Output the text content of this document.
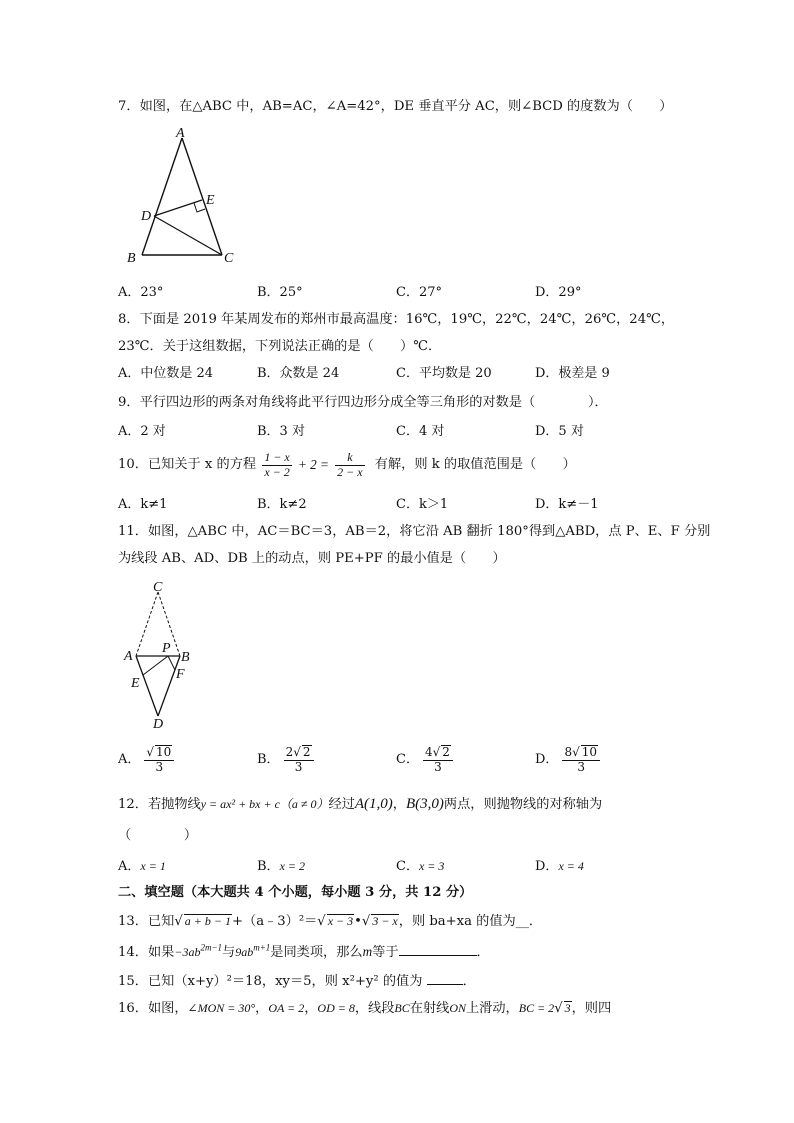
7．如图，在△ABC 中，AB=AC，∠A=42°，DE 垂直平分 AC，则∠BCD 的度数为（　　）
A
E
D
B	C
A．23°	B．25°	C．27°	D．29°
8．下面是 2019 年某周发布的郑州市最高温度：16℃，19℃，22℃，24℃，26℃，24℃，
23℃．关于这组数据，下列说法正确的是（　　）℃．
A．中位数是 24	B．众数是 24	C．平均数是 20	D．极差是 9
9．平行四边形的两条对角线将此平行四边形分成全等三角形的对数是（　　　　）．
A．2 对	B．3 对	C．4 对	D．5 对
10．已知关于 x 的方程 $\frac{1 - x}{x - 2} + 2 = \frac{k}{2 - x}$ 有解，则 k 的取值范围是（　　）
A．k≠1	B．k≠2	C．k＞1	D．k≠－1
11．如图，△ABC 中，AC＝BC＝3，AB＝2，将它沿 AB 翻折 180°得到△ABD，点 P、E、F 分别
为线段 AB、AD、DB 上的动点，则 PE+PF 的最小值是（　　）
C
A
P
B
E
F
D
A． $\frac{√ 10}{3}$	B． $\frac{2√ 2}{3}$	C． $\frac{4√ 2}{3}$	D． $\frac{8√ 10}{3}$
12．若抛物线y = ax² + bx + c（a ≠ 0）经过A(1,0)，B(3,0)两点，则抛物线的对称轴为
（　　　　）
A．x = 1	B．x = 2	C．x = 3	D．x = 4
二、填空题（本大题共 4 个小题，每小题 3 分，共 12 分）
13．已知√ a + b − 1+（a﹣3）²＝√ x − 3•√ 3 − x，则 ba+xa 的值为__．
14．如果$-3ab^{2m-1}$与$9ab^{m+1}$是同类项，那么m等于	．
15．已知（x+y）²＝18，xy＝5，则 x²+y² 的值为	．
16．如图，∠MON = 30°，OA = 2，OD = 8，线段BC在射线ON上滑动，BC = 2√ 3，则四
